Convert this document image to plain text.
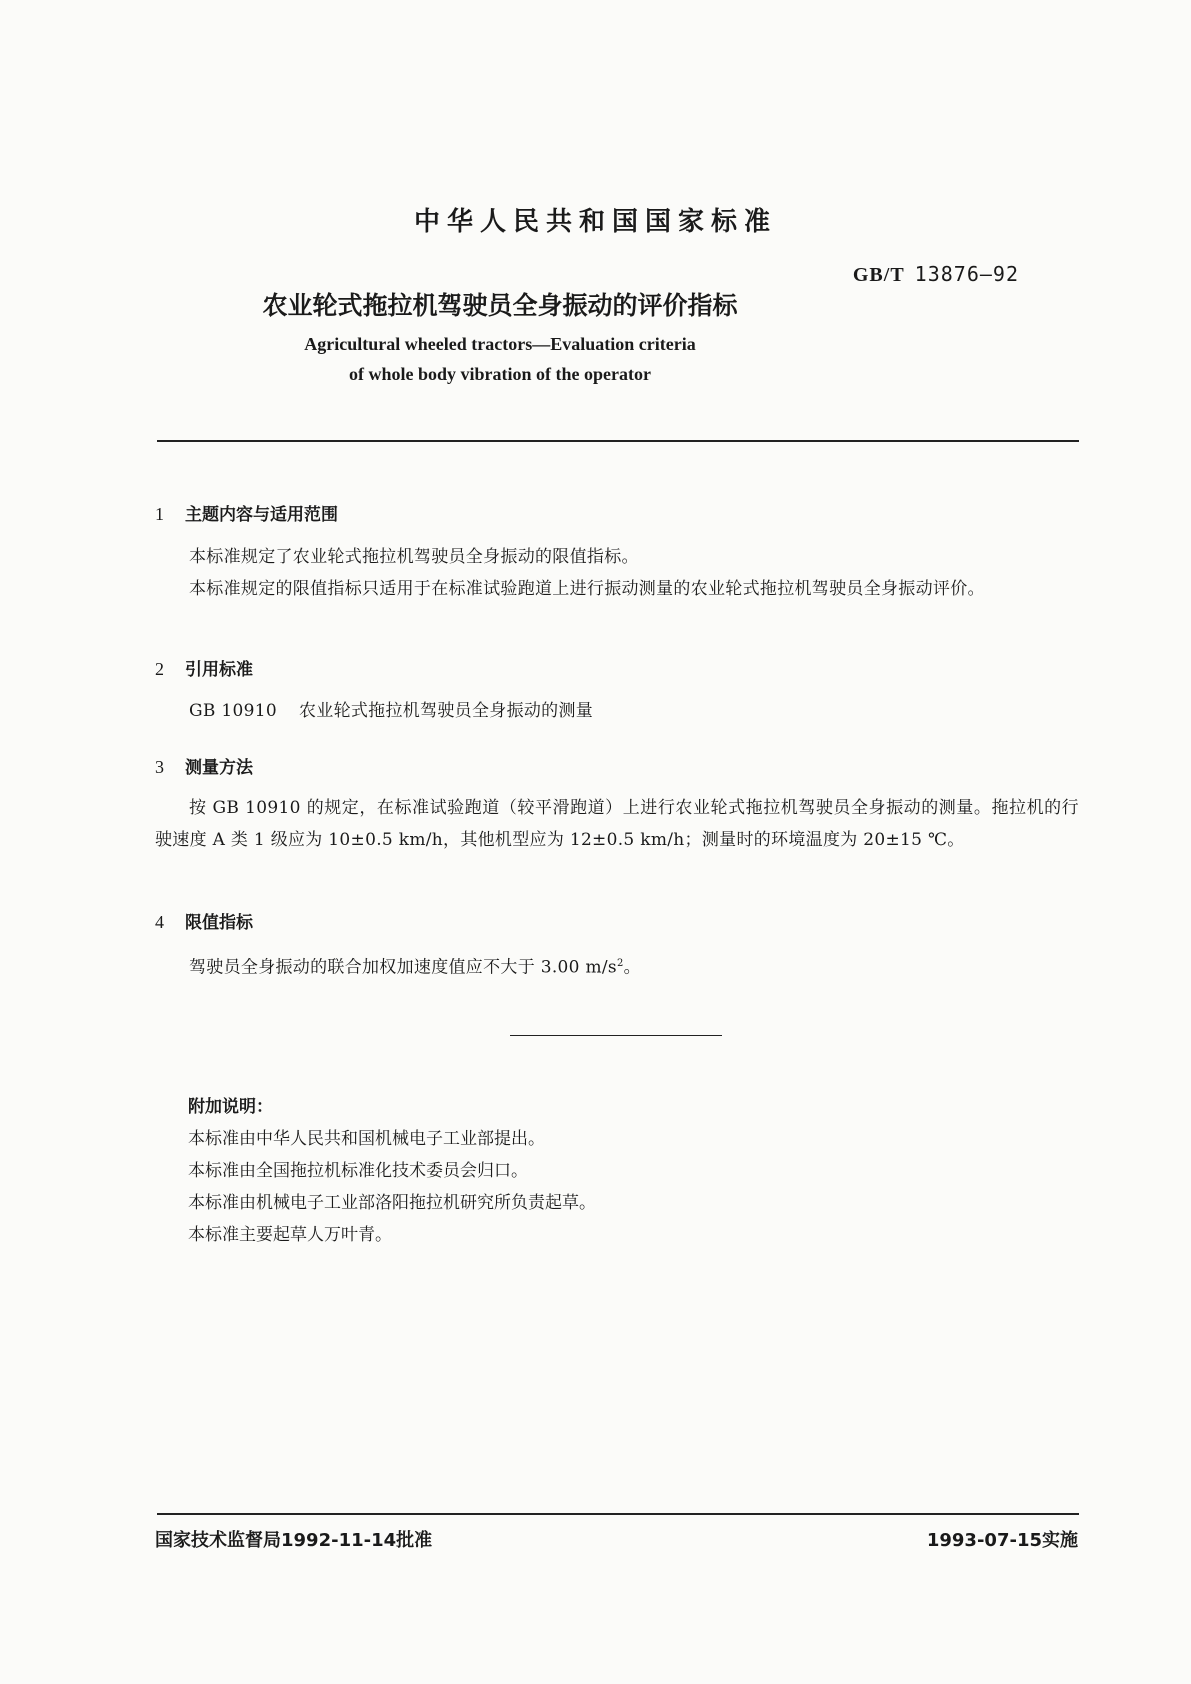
中华人民共和国国家标准
GB/T 13876—92
农业轮式拖拉机驾驶员全身振动的评价指标
Agricultural wheeled tractors—Evaluation criteria
of whole body vibration of the operator
1 主题内容与适用范围
本标准规定了农业轮式拖拉机驾驶员全身振动的限值指标。
本标准规定的限值指标只适用于在标准试验跑道上进行振动测量的农业轮式拖拉机驾驶员全身振动评价。
2 引用标准
GB 10910 农业轮式拖拉机驾驶员全身振动的测量
3 测量方法
按 GB 10910 的规定，在标准试验跑道（较平滑跑道）上进行农业轮式拖拉机驾驶员全身振动的测量。拖拉机的行驶速度 A 类 1 级应为 10±0.5 km/h，其他机型应为 12±0.5 km/h；测量时的环境温度为 20±15 ℃。
4 限值指标
驾驶员全身振动的联合加权加速度值应不大于 3.00 $m/s^2$。
附加说明：
本标准由中华人民共和国机械电子工业部提出。
本标准由全国拖拉机标准化技术委员会归口。
本标准由机械电子工业部洛阳拖拉机研究所负责起草。
本标准主要起草人万叶青。
国家技术监督局1992-11-14批准	1993-07-15实施
